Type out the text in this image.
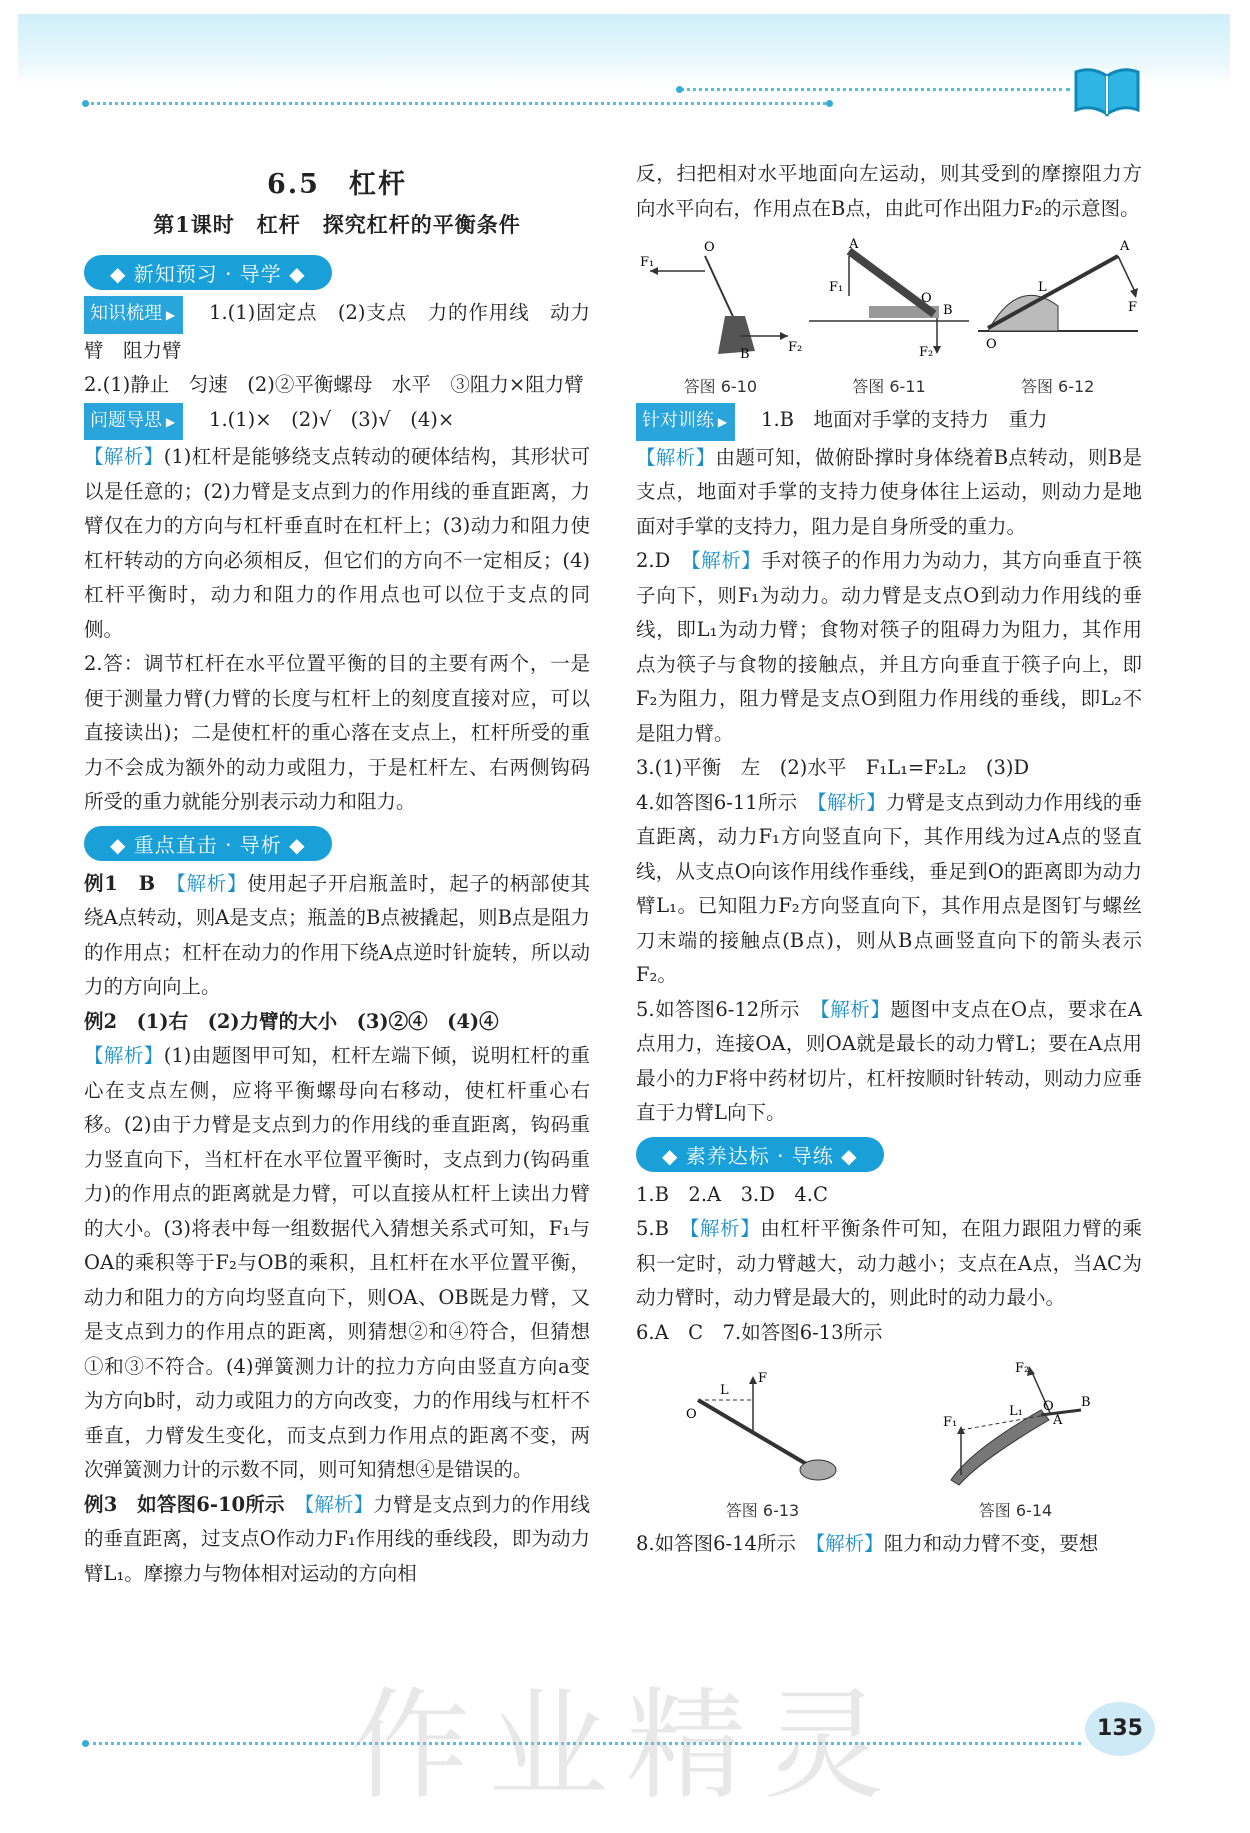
6.5　杠杆
第1课时　杠杆　探究杠杆的平衡条件
◆ 新知预习 · 导学 ◆

知识梳理 ▶ 1.(1)固定点　(2)支点　力的作用线　动力臂　阻力臂

2.(1)静止　匀速　(2)②平衡螺母　水平　③阻力×阻力臂

问题导思 ▶ 1.(1)×　(2)√　(3)√　(4)×

【解析】(1)杠杆是能够绕支点转动的硬体结构，其形状可以是任意的；(2)力臂是支点到力的作用线的垂直距离，力臂仅在力的方向与杠杆垂直时在杠杆上；(3)动力和阻力使杠杆转动的方向必须相反，但它们的方向不一定相反；(4)杠杆平衡时，动力和阻力的作用点也可以位于支点的同侧。

2.答：调节杠杆在水平位置平衡的目的主要有两个，一是便于测量力臂(力臂的长度与杠杆上的刻度直接对应，可以直接读出)；二是使杠杆的重心落在支点上，杠杆所受的重力不会成为额外的动力或阻力，于是杠杆左、右两侧钩码所受的重力就能分别表示动力和阻力。

◆ 重点直击 · 导析 ◆

例1　B　【解析】使用起子开启瓶盖时，起子的柄部使其绕A点转动，则A是支点；瓶盖的B点被撬起，则B点是阻力的作用点；杠杆在动力的作用下绕A点逆时针旋转，所以动力的方向向上。

例2　(1)右　(2)力臂的大小　(3)②④　(4)④

【解析】(1)由题图甲可知，杠杆左端下倾，说明杠杆的重心在支点左侧，应将平衡螺母向右移动，使杠杆重心右移。(2)由于力臂是支点到力的作用线的垂直距离，钩码重力竖直向下，当杠杆在水平位置平衡时，支点到力(钩码重力)的作用点的距离就是力臂，可以直接从杠杆上读出力臂的大小。(3)将表中每一组数据代入猜想关系式可知，F₁与OA的乘积等于F₂与OB的乘积，且杠杆在水平位置平衡，动力和阻力的方向均竖直向下，则OA、OB既是力臂，又是支点到力的作用点的距离，则猜想②和④符合，但猜想①和③不符合。(4)弹簧测力计的拉力方向由竖直方向a变为方向b时，动力或阻力的方向改变，力的作用线与杠杆不垂直，力臂发生变化，而支点到力作用点的距离不变，两次弹簧测力计的示数不同，则可知猜想④是错误的。

例3　如答图6-10所示　【解析】力臂是支点到力的作用线的垂直距离，过支点O作动力F₁作用线的垂线段，即为动力臂L₁。摩擦力与物体相对运动的方向相

反，扫把相对水平地面向左运动，则其受到的摩擦阻力方向水平向右，作用点在B点，由此可作出阻力F₂的示意图。

F₁
F₂
O
B
答图 6-10
F₁
F₂
A
O
B
答图 6-11
O
A
F
L
答图 6-12

针对训练 ▶ 1.B　地面对手掌的支持力　重力

【解析】由题可知，做俯卧撑时身体绕着B点转动，则B是支点，地面对手掌的支持力使身体往上运动，则动力是地面对手掌的支持力，阻力是自身所受的重力。

2.D　【解析】手对筷子的作用力为动力，其方向垂直于筷子向下，则F₁为动力。动力臂是支点O到动力作用线的垂线，即L₁为动力臂；食物对筷子的阻碍力为阻力，其作用点为筷子与食物的接触点，并且方向垂直于筷子向上，即F₂为阻力，阻力臂是支点O到阻力作用线的垂线，即L₂不是阻力臂。

3.(1)平衡　左　(2)水平　F₁L₁=F₂L₂　(3)D

4.如答图6-11所示　【解析】力臂是支点到动力作用线的垂直距离，动力F₁方向竖直向下，其作用线为过A点的竖直线，从支点O向该作用线作垂线，垂足到O的距离即为动力臂L₁。已知阻力F₂方向竖直向下，其作用点是图钉与螺丝刀末端的接触点(B点)，则从B点画竖直向下的箭头表示F₂。

5.如答图6-12所示　【解析】题图中支点在O点，要求在A点用力，连接OA，则OA就是最长的动力臂L；要在A点用最小的力F将中药材切片，杠杆按顺时针转动，则动力应垂直于力臂L向下。

◆ 素养达标 · 导练 ◆

1.B　2.A　3.D　4.C

5.B　【解析】由杠杆平衡条件可知，在阻力跟阻力臂的乘积一定时，动力臂越大，动力越小；支点在A点，当AC为动力臂时，动力臂是最大的，则此时的动力最小。

6.A　C　7.如答图6-13所示

F
L
O
答图 6-13
F₁
F₂
L₁ O
A
B
答图 6-14

8.如答图6-14所示　【解析】阻力和动力臂不变，要想

135
作业精灵
